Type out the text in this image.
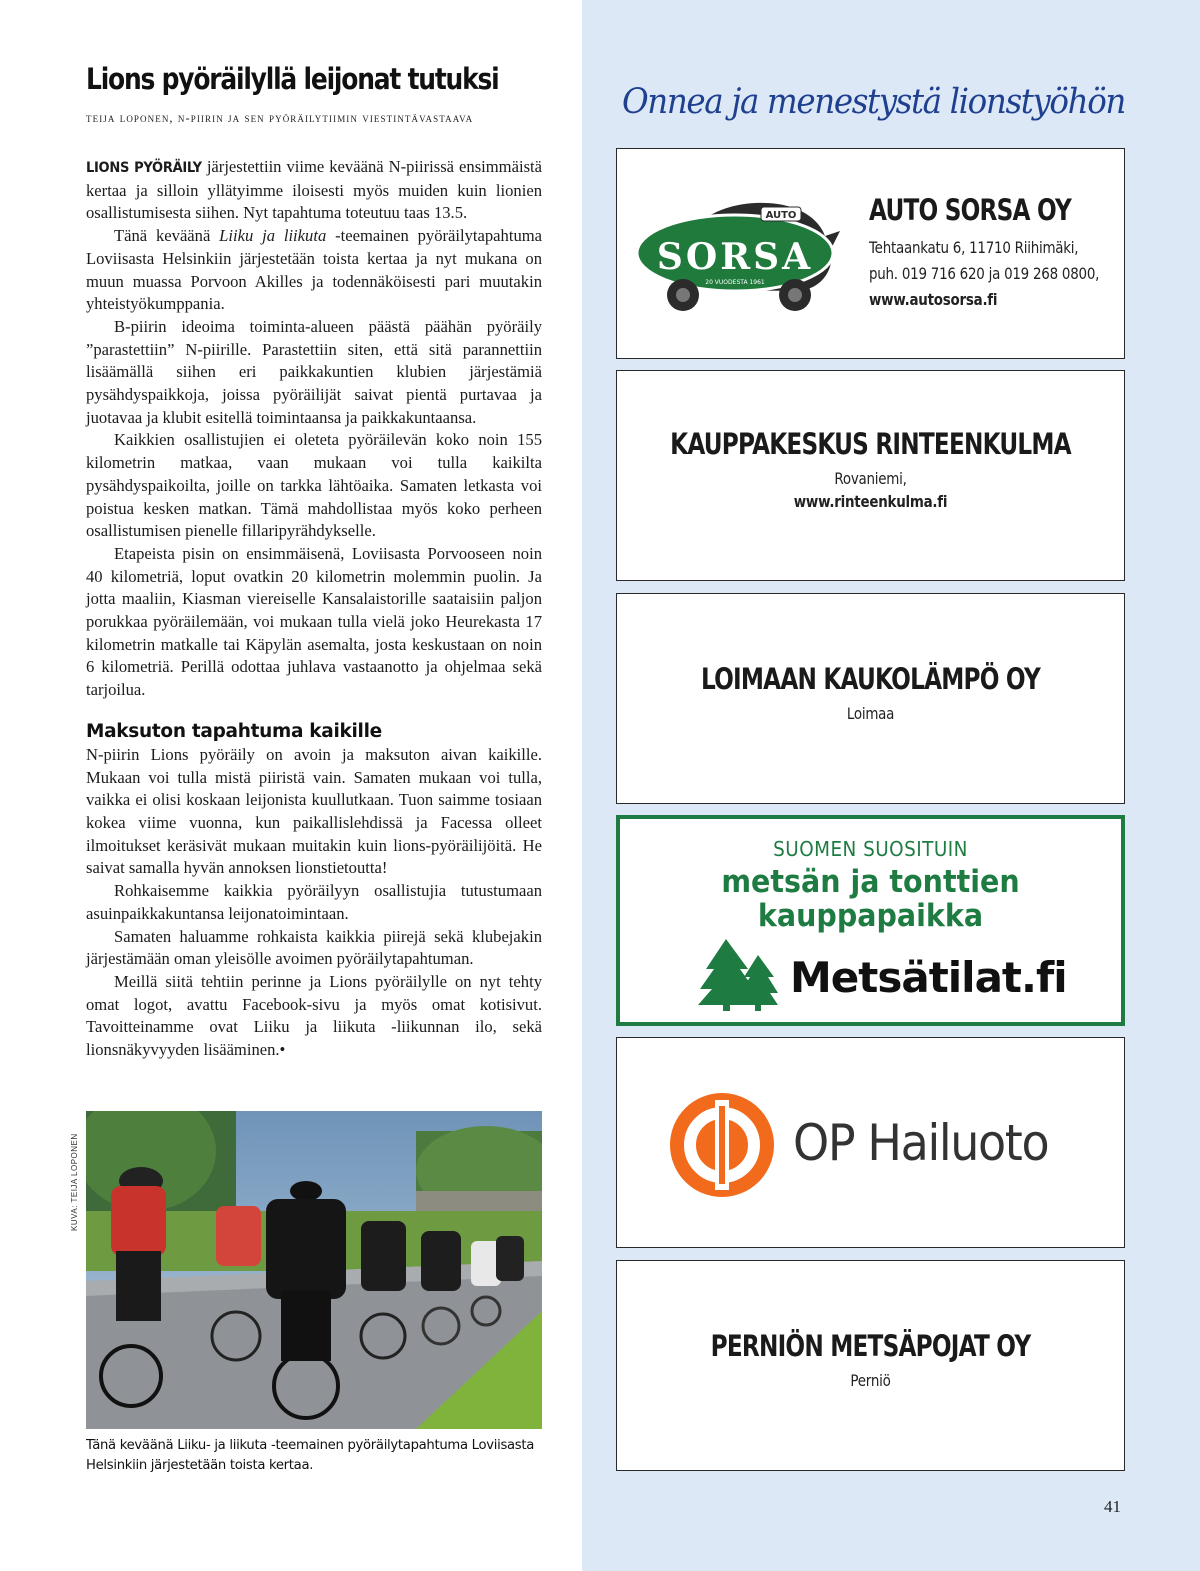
Lions pyöräilyllä leijonat tutuksi
teija loponen, n-piirin ja sen pyöräilytiimin viestintävastaava

LIONS PYÖRÄILY järjestettiin viime keväänä N-piirissä ensimmäistä kertaa ja silloin yllätyimme iloisesti myös muiden kuin lionien osallistumisesta siihen. Nyt tapahtuma toteutuu taas 13.5.

Tänä keväänä Liiku ja liikuta -teemainen pyöräilytapahtuma Loviisasta Helsinkiin järjestetään toista kertaa ja nyt mukana on muun muassa Porvoon Akilles ja todennäköisesti pari muutakin yhteistyökumppania.

B-piirin ideoima toiminta-alueen päästä päähän pyöräily ”parastettiin” N-piirille. Parastettiin siten, että sitä parannettiin lisäämällä siihen eri paikkakuntien klubien järjestämiä pysähdyspaikkoja, joissa pyöräilijät saivat pientä purtavaa ja juotavaa ja klubit esitellä toimintaansa ja paikkakuntaansa.

Kaikkien osallistujien ei oleteta pyöräilevän koko noin 155 kilometrin matkaa, vaan mukaan voi tulla kaikilta pysähdyspaikoilta, joille on tarkka lähtöaika. Samaten letkasta voi poistua kesken matkan. Tämä mahdollistaa myös koko perheen osallistumisen pienelle fillaripyrähdykselle.

Etapeista pisin on ensimmäisenä, Loviisasta Porvooseen noin 40 kilometriä, loput ovatkin 20 kilometrin molemmin puolin. Ja jotta maaliin, Kiasman viereiselle Kansalaistorille saataisiin paljon porukkaa pyöräilemään, voi mukaan tulla vielä joko Heurekasta 17 kilometrin matkalle tai Käpylän asemalta, josta keskustaan on noin 6 kilometriä. Perillä odottaa juhlava vastaanotto ja ohjelmaa sekä tarjoilua.

Maksuton tapahtuma kaikille

N-piirin Lions pyöräily on avoin ja maksuton aivan kaikille. Mukaan voi tulla mistä piiristä vain. Samaten mukaan voi tulla, vaikka ei olisi koskaan leijonista kuullutkaan. Tuon saimme tosiaan kokea viime vuonna, kun paikallislehdissä ja Facessa olleet ilmoitukset keräsivät mukaan muitakin kuin lions-pyöräilijöitä. He saivat samalla hyvän annoksen lionstietoutta!

Rohkaisemme kaikkia pyöräilyyn osallistujia tutustumaan asuinpaikkakuntansa leijonatoimintaan.

Samaten haluamme rohkaista kaikkia piirejä sekä klubejakin järjestämään oman yleisölle avoimen pyöräilytapahtuman.

Meillä siitä tehtiin perinne ja Lions pyöräilylle on nyt tehty omat logot, avattu Facebook-sivu ja myös omat kotisivut. Tavoitteinamme ovat Liiku ja liikuta -liikunnan ilo, sekä lionsnäkyvyyden lisääminen.•

KUVA: TEIJA LOPONEN
Tänä keväänä Liiku- ja liikuta -teemainen pyöräilytapahtuma Loviisasta Helsinkiin järjestetään toista kertaa.
Onnea ja menestystä lionstyöhön
AUTO
SORSA
20 VUODESTA 1961
AUTO SORSA OY
Tehtaankatu 6, 11710 Riihimäki,
puh. 019 716 620 ja 019 268 0800,
www.autosorsa.fi
KAUPPAKESKUS RINTEENKULMA
Rovaniemi,
www.rinteenkulma.fi
LOIMAAN KAUKOLÄMPÖ OY
Loimaa
SUOMEN SUOSITUIN
metsän ja tonttien
kauppapaikka
Metsätilat.fi
OP Hailuoto
PERNIÖN METSÄPOJAT OY
Perniö
41
